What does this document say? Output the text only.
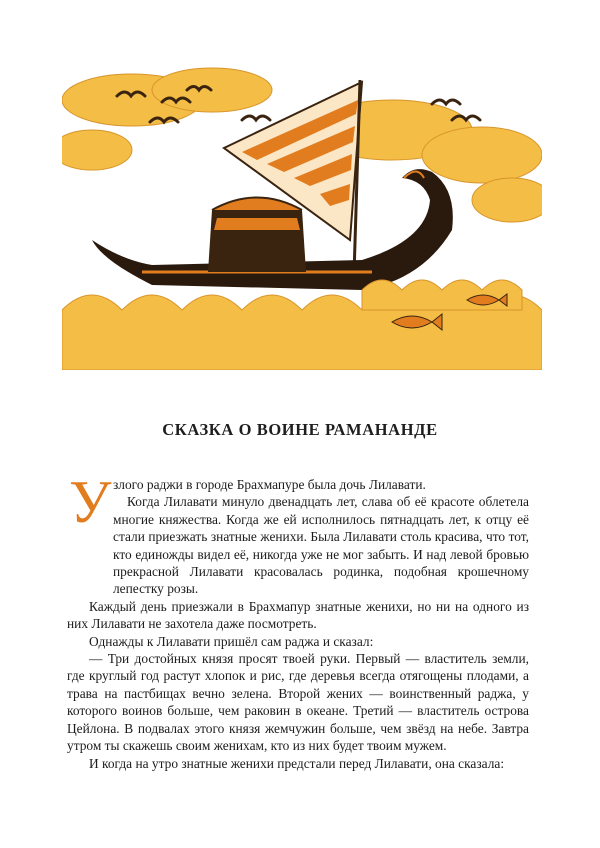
СКАЗКА О ВОИНЕ РАМАНАНДЕ
У злого раджи в городе Брахмапуре была дочь Лилавати.
Когда Лилавати минуло двенадцать лет, слава об её красоте облетела многие княжества. Когда же ей исполнилось пятнадцать лет, к отцу её стали приезжать знатные женихи. Была Лилавати столь красива, что тот, кто единожды видел её, никогда уже не мог забыть. И над левой бровью прекрасной Лилавати красовалась родинка, подобная крошечному лепестку розы.

Каждый день приезжали в Брахмапур знатные женихи, но ни на одного из них Лилавати не захотела даже посмотреть.

Однажды к Лилавати пришёл сам раджа и сказал:

— Три достойных князя просят твоей руки. Первый — властитель земли, где круглый год растут хлопок и рис, где деревья всегда отягощены плодами, а трава на пастбищах вечно зелена. Второй жених — воинственный раджа, у которого воинов больше, чем раковин в океане. Третий — властитель острова Цейлона. В подвалах этого князя жемчужин больше, чем звёзд на небе. Завтра утром ты скажешь своим женихам, кто из них будет твоим мужем.

И когда на утро знатные женихи предстали перед Лилавати, она сказала:
